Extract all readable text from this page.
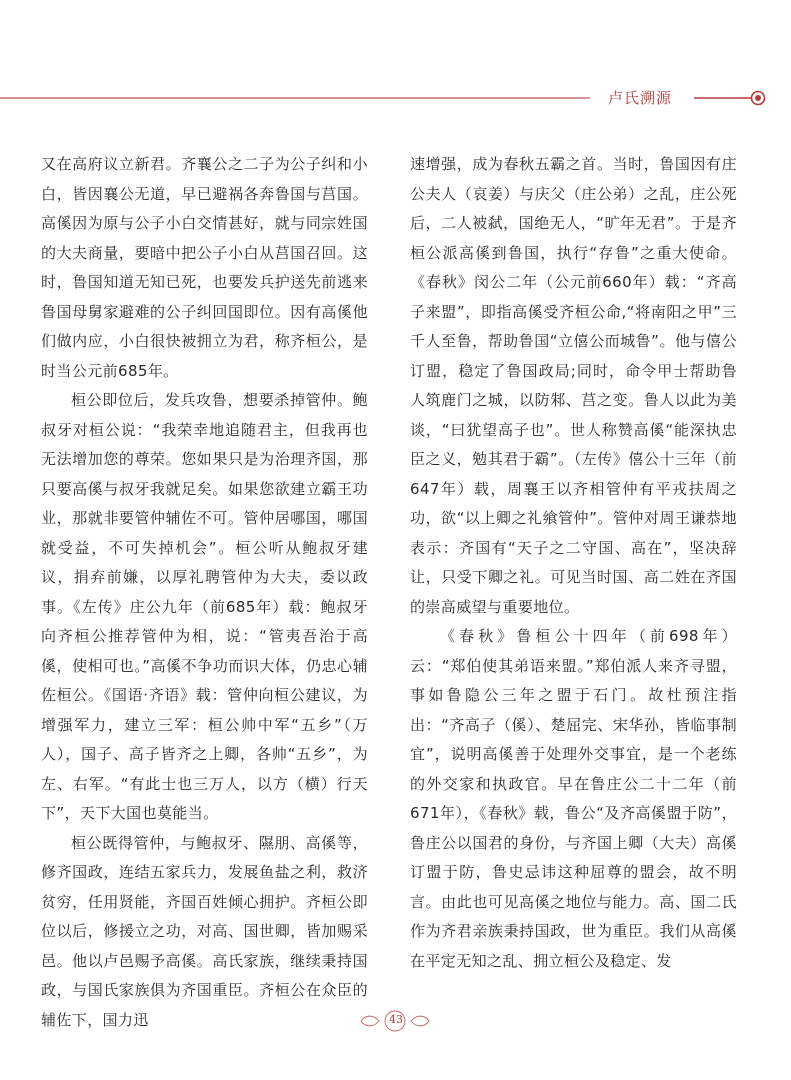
卢氏溯源

又在高府议立新君。齐襄公之二子为公子纠和小白，皆因襄公无道，早已避祸各奔鲁国与莒国。高傒因为原与公子小白交情甚好，就与同宗姓国的大夫商量，要暗中把公子小白从莒国召回。这时，鲁国知道无知已死，也要发兵护送先前逃来鲁国母舅家避难的公子纠回国即位。因有高傒他们做内应，小白很快被拥立为君，称齐桓公，是时当公元前685年。

桓公即位后，发兵攻鲁，想要杀掉管仲。鲍叔牙对桓公说：“我荣幸地追随君主，但我再也无法增加您的尊荣。您如果只是为治理齐国，那只要高傒与叔牙我就足矣。如果您欲建立霸王功业，那就非要管仲辅佐不可。管仲居哪国，哪国就受益，不可失掉机会”。桓公听从鲍叔牙建议，捐弃前嫌，以厚礼聘管仲为大夫，委以政事。《左传》庄公九年（前685年）载：鲍叔牙向齐桓公推荐管仲为相，说：“管夷吾治于高傒，使相可也。”高傒不争功而识大体，仍忠心辅佐桓公。《国语·齐语》载：管仲向桓公建议，为增强军力，建立三军：桓公帅中军“五乡”（万人），国子、高子皆齐之上卿，各帅“五乡”，为左、右军。“有此士也三万人，以方（横）行天下”，天下大国也莫能当。

桓公既得管仲，与鲍叔牙、隰朋、高傒等，修齐国政，连结五家兵力，发展鱼盐之利，救济贫穷，任用贤能，齐国百姓倾心拥护。齐桓公即位以后，修援立之功，对高、国世卿，皆加赐采邑。他以卢邑赐予高傒。高氏家族，继续秉持国政，与国氏家族俱为齐国重臣。齐桓公在众臣的辅佐下，国力迅

速增强，成为春秋五霸之首。当时，鲁国因有庄公夫人（哀姜）与庆父（庄公弟）之乱，庄公死后，二人被弑，国绝无人，“旷年无君”。于是齐桓公派高傒到鲁国，执行“存鲁”之重大使命。《春秋》闵公二年（公元前660年）载：“齐高子来盟”，即指高傒受齐桓公命,“将南阳之甲”三千人至鲁，帮助鲁国“立僖公而城鲁”。他与僖公订盟，稳定了鲁国政局;同时，命令甲士帮助鲁人筑鹿门之城，以防邾、莒之变。鲁人以此为美谈，“曰犹望高子也”。世人称赞高傒“能深执忠臣之义，勉其君于霸”。（左传》僖公十三年（前647年）载，周襄王以齐相管仲有平戎扶周之功，欲“以上卿之礼飨管仲”。管仲对周王谦恭地表示：齐国有“天子之二守国、高在”，坚决辞让，只受下卿之礼。可见当时国、高二姓在齐国的崇高威望与重要地位。

《春秋》鲁桓公十四年（前698年）云：“郑伯使其弟语来盟。”郑伯派人来齐寻盟，事如鲁隐公三年之盟于石门。故杜预注指出：“齐高子（傒）、楚屈完、宋华孙，皆临事制宜”，说明高傒善于处理外交事宜，是一个老练的外交家和执政官。早在鲁庄公二十二年（前671年），《春秋》载，鲁公“及齐高傒盟于防”，鲁庄公以国君的身份，与齐国上卿（大夫）高傒订盟于防，鲁史忌讳这种屈尊的盟会，故不明言。由此也可见高傒之地位与能力。高、国二氏作为齐君亲族秉持国政，世为重臣。我们从高傒在平定无知之乱、拥立桓公及稳定、发

43
